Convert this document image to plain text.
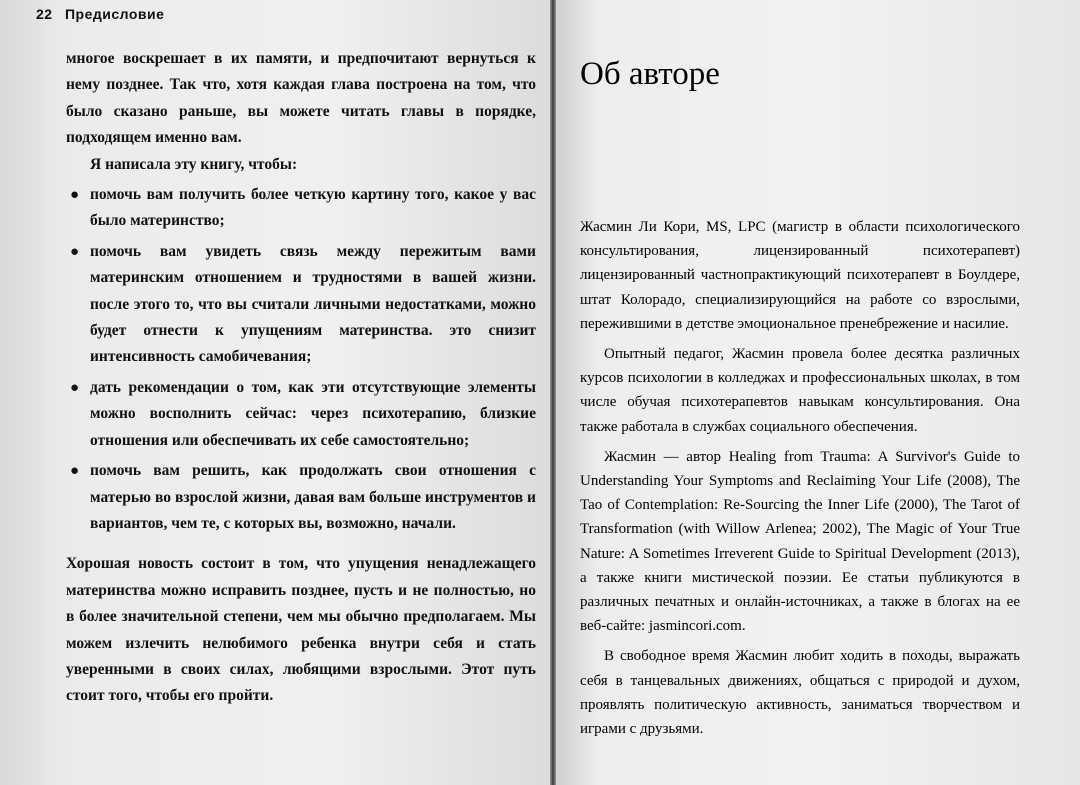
22 Предисловие

многое воскрешает в их памяти, и предпочитают вернуться к нему позднее. Так что, хотя каждая глава построена на том, что было сказано раньше, вы можете читать главы в порядке, подходящем именно вам.

Я написала эту книгу, чтобы:

● помочь вам получить более четкую картину того, какое у вас было материнство;
● помочь вам увидеть связь между пережитым вами материнским отношением и трудностями в вашей жизни. после этого то, что вы считали личными недостатками, можно будет отнести к упущениям материнства. это снизит интенсивность самобичевания;
● дать рекомендации о том, как эти отсутствующие элементы можно восполнить сейчас: через психотерапию, близкие отношения или обеспечивать их себе самостоятельно;
● помочь вам решить, как продолжать свои отношения с матерью во взрослой жизни, давая вам больше инструментов и вариантов, чем те, с которых вы, возможно, начали.

Хорошая новость состоит в том, что упущения ненадлежащего материнства можно исправить позднее, пусть и не полностью, но в более значительной степени, чем мы обычно предполагаем. Мы можем излечить нелюбимого ребенка внутри себя и стать уверенными в своих силах, любящими взрослыми. Этот путь стоит того, чтобы его пройти.

Об авторе

Жасмин Ли Кори, MS, LPC (магистр в области психологического консультирования, лицензированный психотерапевт) лицензированный частнопрактикующий психотерапевт в Боулдере, штат Колорадо, специализирующийся на работе со взрослыми, пережившими в детстве эмоциональное пренебрежение и насилие.

Опытный педагог, Жасмин провела более десятка различных курсов психологии в колледжах и профессиональных школах, в том числе обучая психотерапевтов навыкам консультирования. Она также работала в службах социального обеспечения.

Жасмин — автор Healing from Trauma: A Survivor's Guide to Understanding Your Symptoms and Reclaiming Your Life (2008), The Tao of Contemplation: Re-Sourcing the Inner Life (2000), The Tarot of Transformation (with Willow Arlenea; 2002), The Magic of Your True Nature: A Sometimes Irreverent Guide to Spiritual Development (2013), а также книги мистической поэзии. Ее статьи публикуются в различных печатных и онлайн-источниках, а также в блогах на ее веб-сайте: jasmincori.com.

В свободное время Жасмин любит ходить в походы, выражать себя в танцевальных движениях, общаться с природой и духом, проявлять политическую активность, заниматься творчеством и играми с друзьями.
